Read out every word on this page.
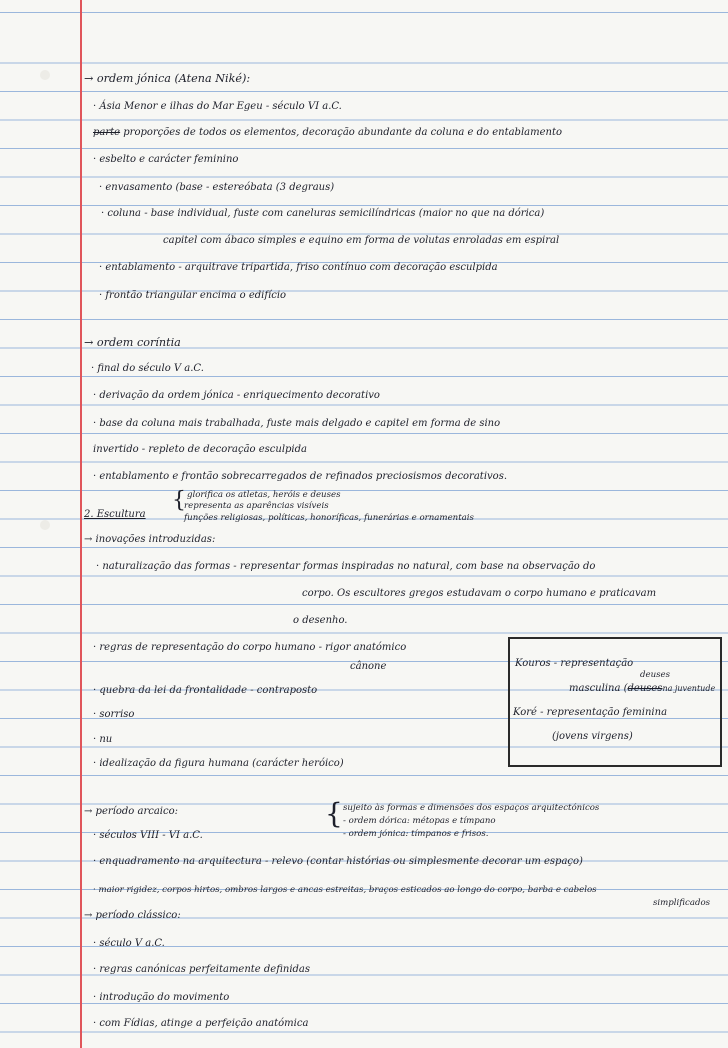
→ ordem jónica (Atena Niké):
· Ásia Menor e ilhas do Mar Egeu - século VI a.C.
parte proporções de todos os elementos, decoração abundante da coluna e do entablamento
· esbelto e carácter feminino
· envasamento (base - estereóbata (3 degraus)
· coluna - base individual, fuste com caneluras semicilíndricas (maior no que na dórica)
capitel com ábaco simples e equino em forma de volutas enroladas em espiral
· entablamento - arquitrave tripartida, friso contínuo com decoração esculpida
· frontão triangular encima o edifício
→ ordem coríntia
· final do século V a.C.
· derivação da ordem jónica - enriquecimento decorativo
· base da coluna mais trabalhada, fuste mais delgado e capitel em forma de sino
invertido - repleto de decoração esculpida
· entablamento e frontão sobrecarregados de refinados preciosismos decorativos.
glorifica os atletas, heróis e deuses
representa as aparências visíveis
{
2. Escultura	funções religiosas, políticas, honoríficas, funerárias e ornamentais
→ inovações introduzidas:
· naturalização das formas - representar formas inspiradas no natural, com base na observação do
corpo. Os escultores gregos estudavam o corpo humano e praticavam
o desenho.
· regras de representação do corpo humano - rigor anatómico
cânone
· quebra da lei da frontalidade - contraposto
· sorriso
· nu
· idealização da figura humana (carácter heróico)
Kouros - representação
deuses
masculina (deusesna juventude
Koré - representação feminina
(jovens virgens)
→ período arcaico:
· séculos VIII - VI a.C.
{ sujeito às formas e dimensões dos espaços arquitectónicos
- ordem dórica: métopas e tímpano
- ordem jónica: tímpanos e frisos.
· enquadramento na arquitectura - relevo (contar histórias ou simplesmente decorar um espaço)
· maior rigidez, corpos hirtos, ombros largos e ancas estreitas, braços esticados ao longo do corpo, barba e cabelos
simplificados
→ período clássico:
· século V a.C.
· regras canónicas perfeitamente definidas
· introdução do movimento
· com Fídias, atinge a perfeição anatómica
